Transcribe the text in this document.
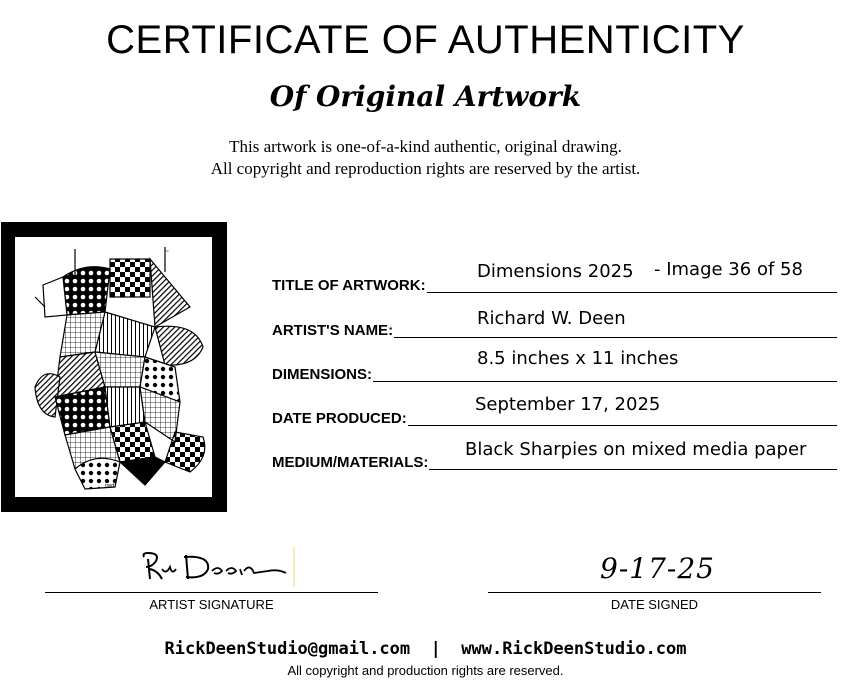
CERTIFICATE OF AUTHENTICITY
Of Original Artwork
This artwork is one-of-a-kind authentic, original drawing.
All copyright and reproduction rights are reserved by the artist.
~
rwd
TITLE OF ARTWORK:
Dimensions 2025 - Image 36 of 58
ARTIST'S NAME:
Richard W. Deen
DIMENSIONS:
8.5 inches x 11 inches
DATE PRODUCED:
September 17, 2025
MEDIUM/MATERIALS:
Black Sharpies on mixed media paper
ARTIST SIGNATURE
9-17-25
DATE SIGNED
RickDeenStudio@gmail.com  |  www.RickDeenStudio.com
All copyright and production rights are reserved.
